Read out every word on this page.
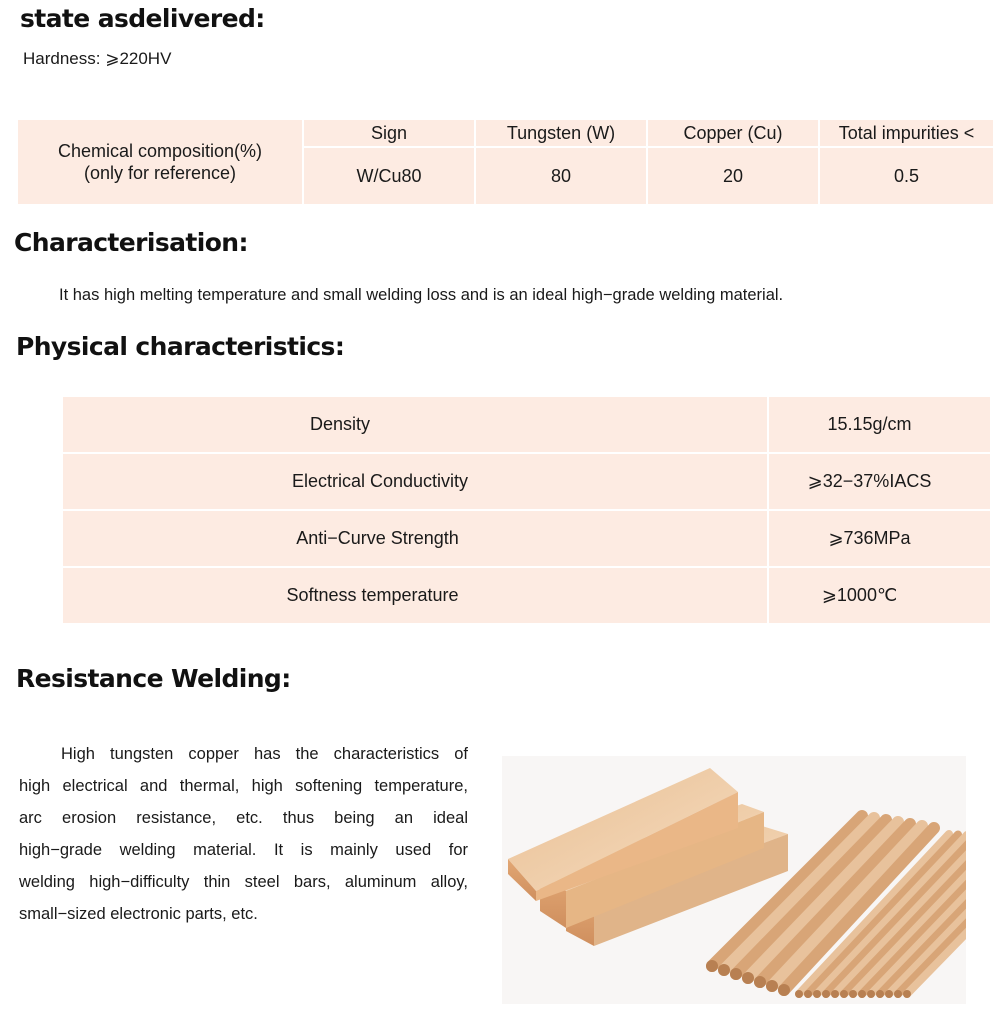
state asdelivered:

Hardness: ⩾220HV

Chemical composition(%)
(only for reference)	Sign	Tungsten (W)	Copper (Cu)	Total impurities <
	W/Cu80	80	20	0.5
Characterisation:

It has high melting temperature and small welding loss and is an ideal high−grade welding material.

Physical characteristics:
Density	15.15g/cm
Electrical Conductivity	⩾32−37%IACS
Anti−Curve Strength	⩾736MPa
Softness temperature	⩾1000℃
Resistance Welding:
High tungsten copper has the characteristics of
high electrical and thermal, high softening temperature,
arc erosion resistance, etc. thus being an ideal
high−grade welding material. It is mainly used for
welding high−difficulty thin steel bars, aluminum alloy,
small−sized electronic parts, etc.
